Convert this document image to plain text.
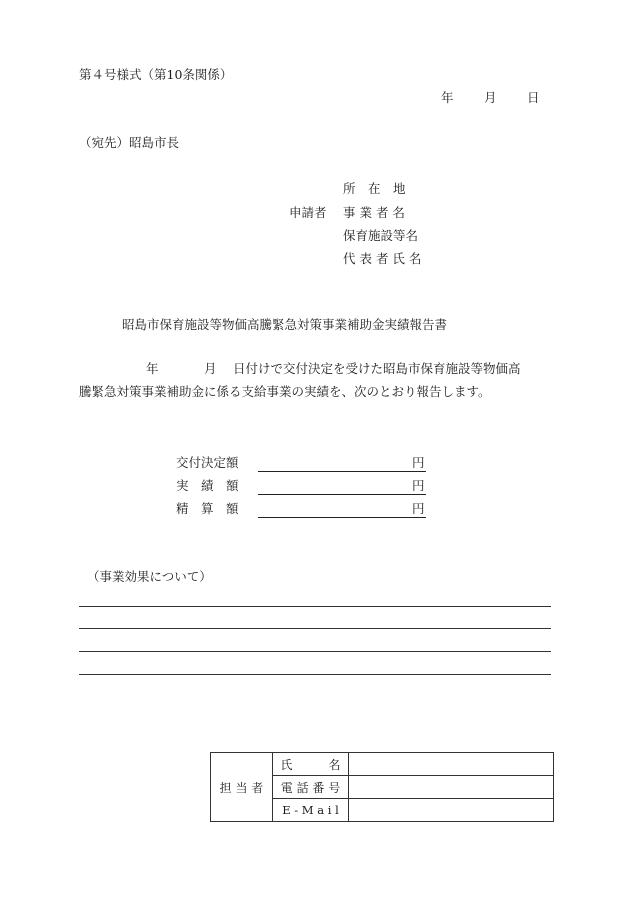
第４号様式（第10条関係）
年 月 日
（宛先）昭島市長
申請者
所　在　地
事 業 者 名
保育施設等名
代 表 者 氏 名
昭島市保育施設等物価高騰緊急対策事業補助金実績報告書
年	月 日付けで交付決定を受けた昭島市保育施設等物価高
騰緊急対策事業補助金に係る支給事業の実績を、次のとおり報告します。
交付決定額	円
実　績　額	円
精　算　額	円
（事業効果について）
担 当 者	氏　　　名	
	電 話 番 号	
	E - M a i l	
